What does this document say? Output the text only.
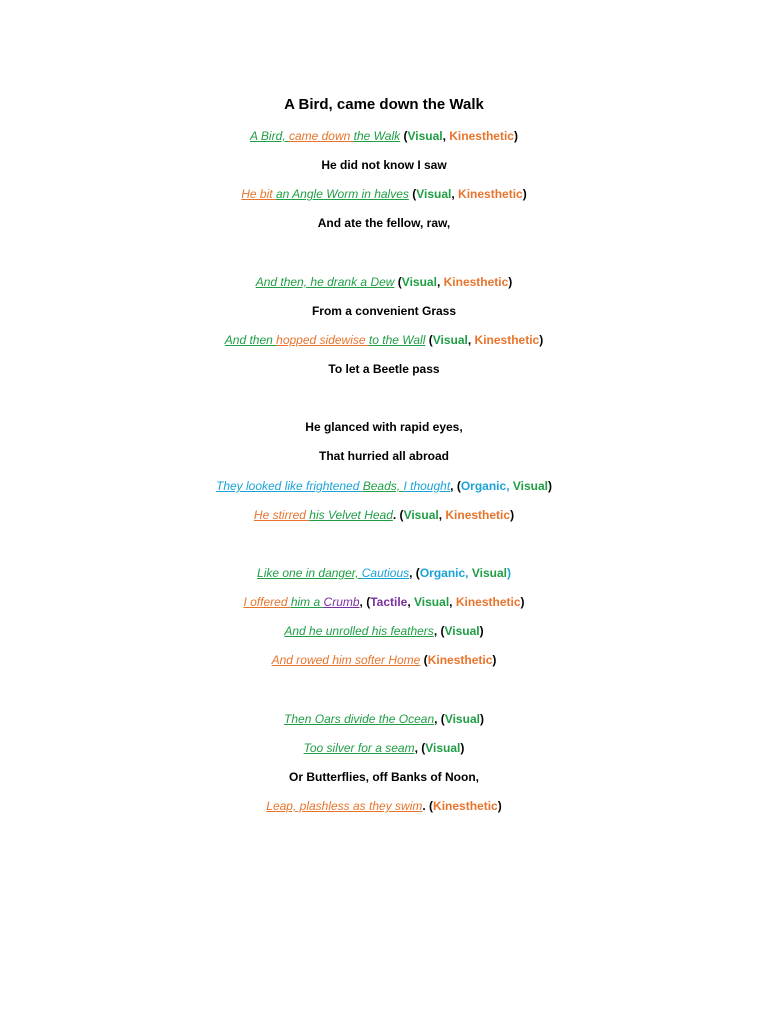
A Bird, came down the Walk
A Bird, came down the Walk (Visual, Kinesthetic)
He did not know I saw
He bit an Angle Worm in halves (Visual, Kinesthetic)
And ate the fellow, raw,
And then, he drank a Dew (Visual, Kinesthetic)
From a convenient Grass
And then hopped sidewise to the Wall (Visual, Kinesthetic)
To let a Beetle pass
He glanced with rapid eyes,
That hurried all abroad
They looked like frightened Beads, I thought, (Organic, Visual)
He stirred his Velvet Head. (Visual, Kinesthetic)
Like one in danger, Cautious, (Organic, Visual)
I offered him a Crumb, (Tactile, Visual, Kinesthetic)
And he unrolled his feathers, (Visual)
And rowed him softer Home (Kinesthetic)
Then Oars divide the Ocean, (Visual)
Too silver for a seam, (Visual)
Or Butterflies, off Banks of Noon,
Leap, plashless as they swim. (Kinesthetic)
